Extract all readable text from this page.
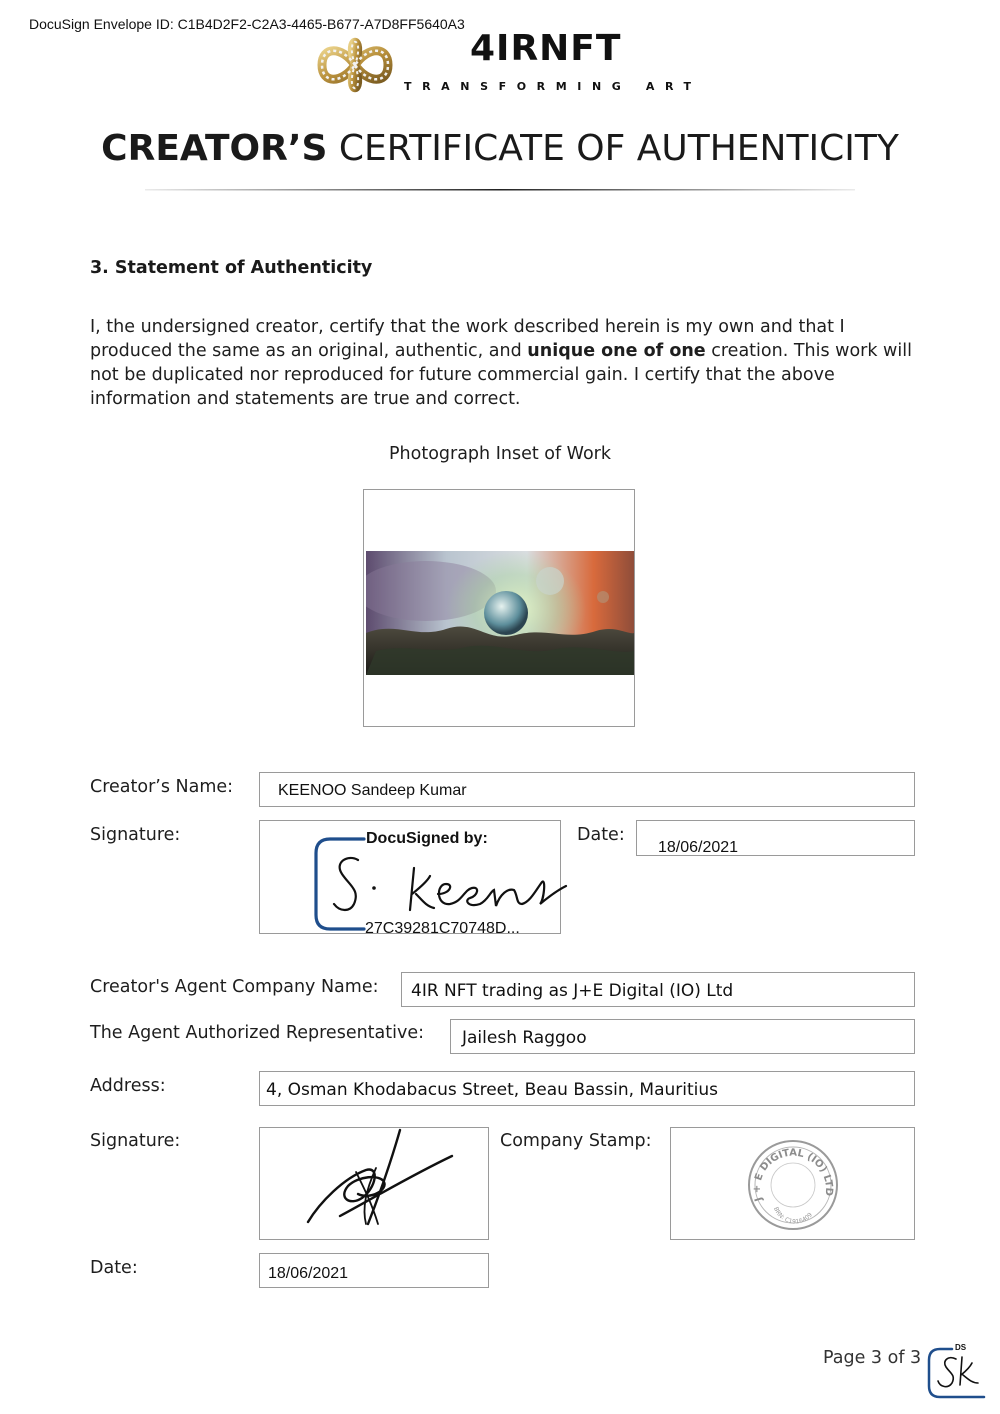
DocuSign Envelope ID: C1B4D2F2-C2A3-4465-B677-A7D8FF5640A3
4IRNFT
TRANSFORMING ART
CREATOR’S CERTIFICATE OF AUTHENTICITY
3. Statement of Authenticity
I, the undersigned creator, certify that the work described herein is my own and that I produced the same as an original, authentic, and unique one of one creation. This work will not be duplicated nor reproduced for future commercial gain. I certify that the above information and statements are true and correct.
Photograph Inset of Work
Creator’s Name:	KEENOO Sandeep Kumar
Signature:	DocuSigned by:
27C39281C70748D...
Date:
18/06/2021
Creator's Agent Company Name: 4IR NFT trading as J+E Digital (IO) Ltd
The Agent Authorized Representative: Jailesh Raggoo
Address:	4, Osman Khodabacus Street, Beau Bassin, Mauritius
Signature:	Company Stamp:
J + E DIGITAL (IO) LTD
BRN: C1916409
Date:	18/06/2021
Page 3 of 3
DS
